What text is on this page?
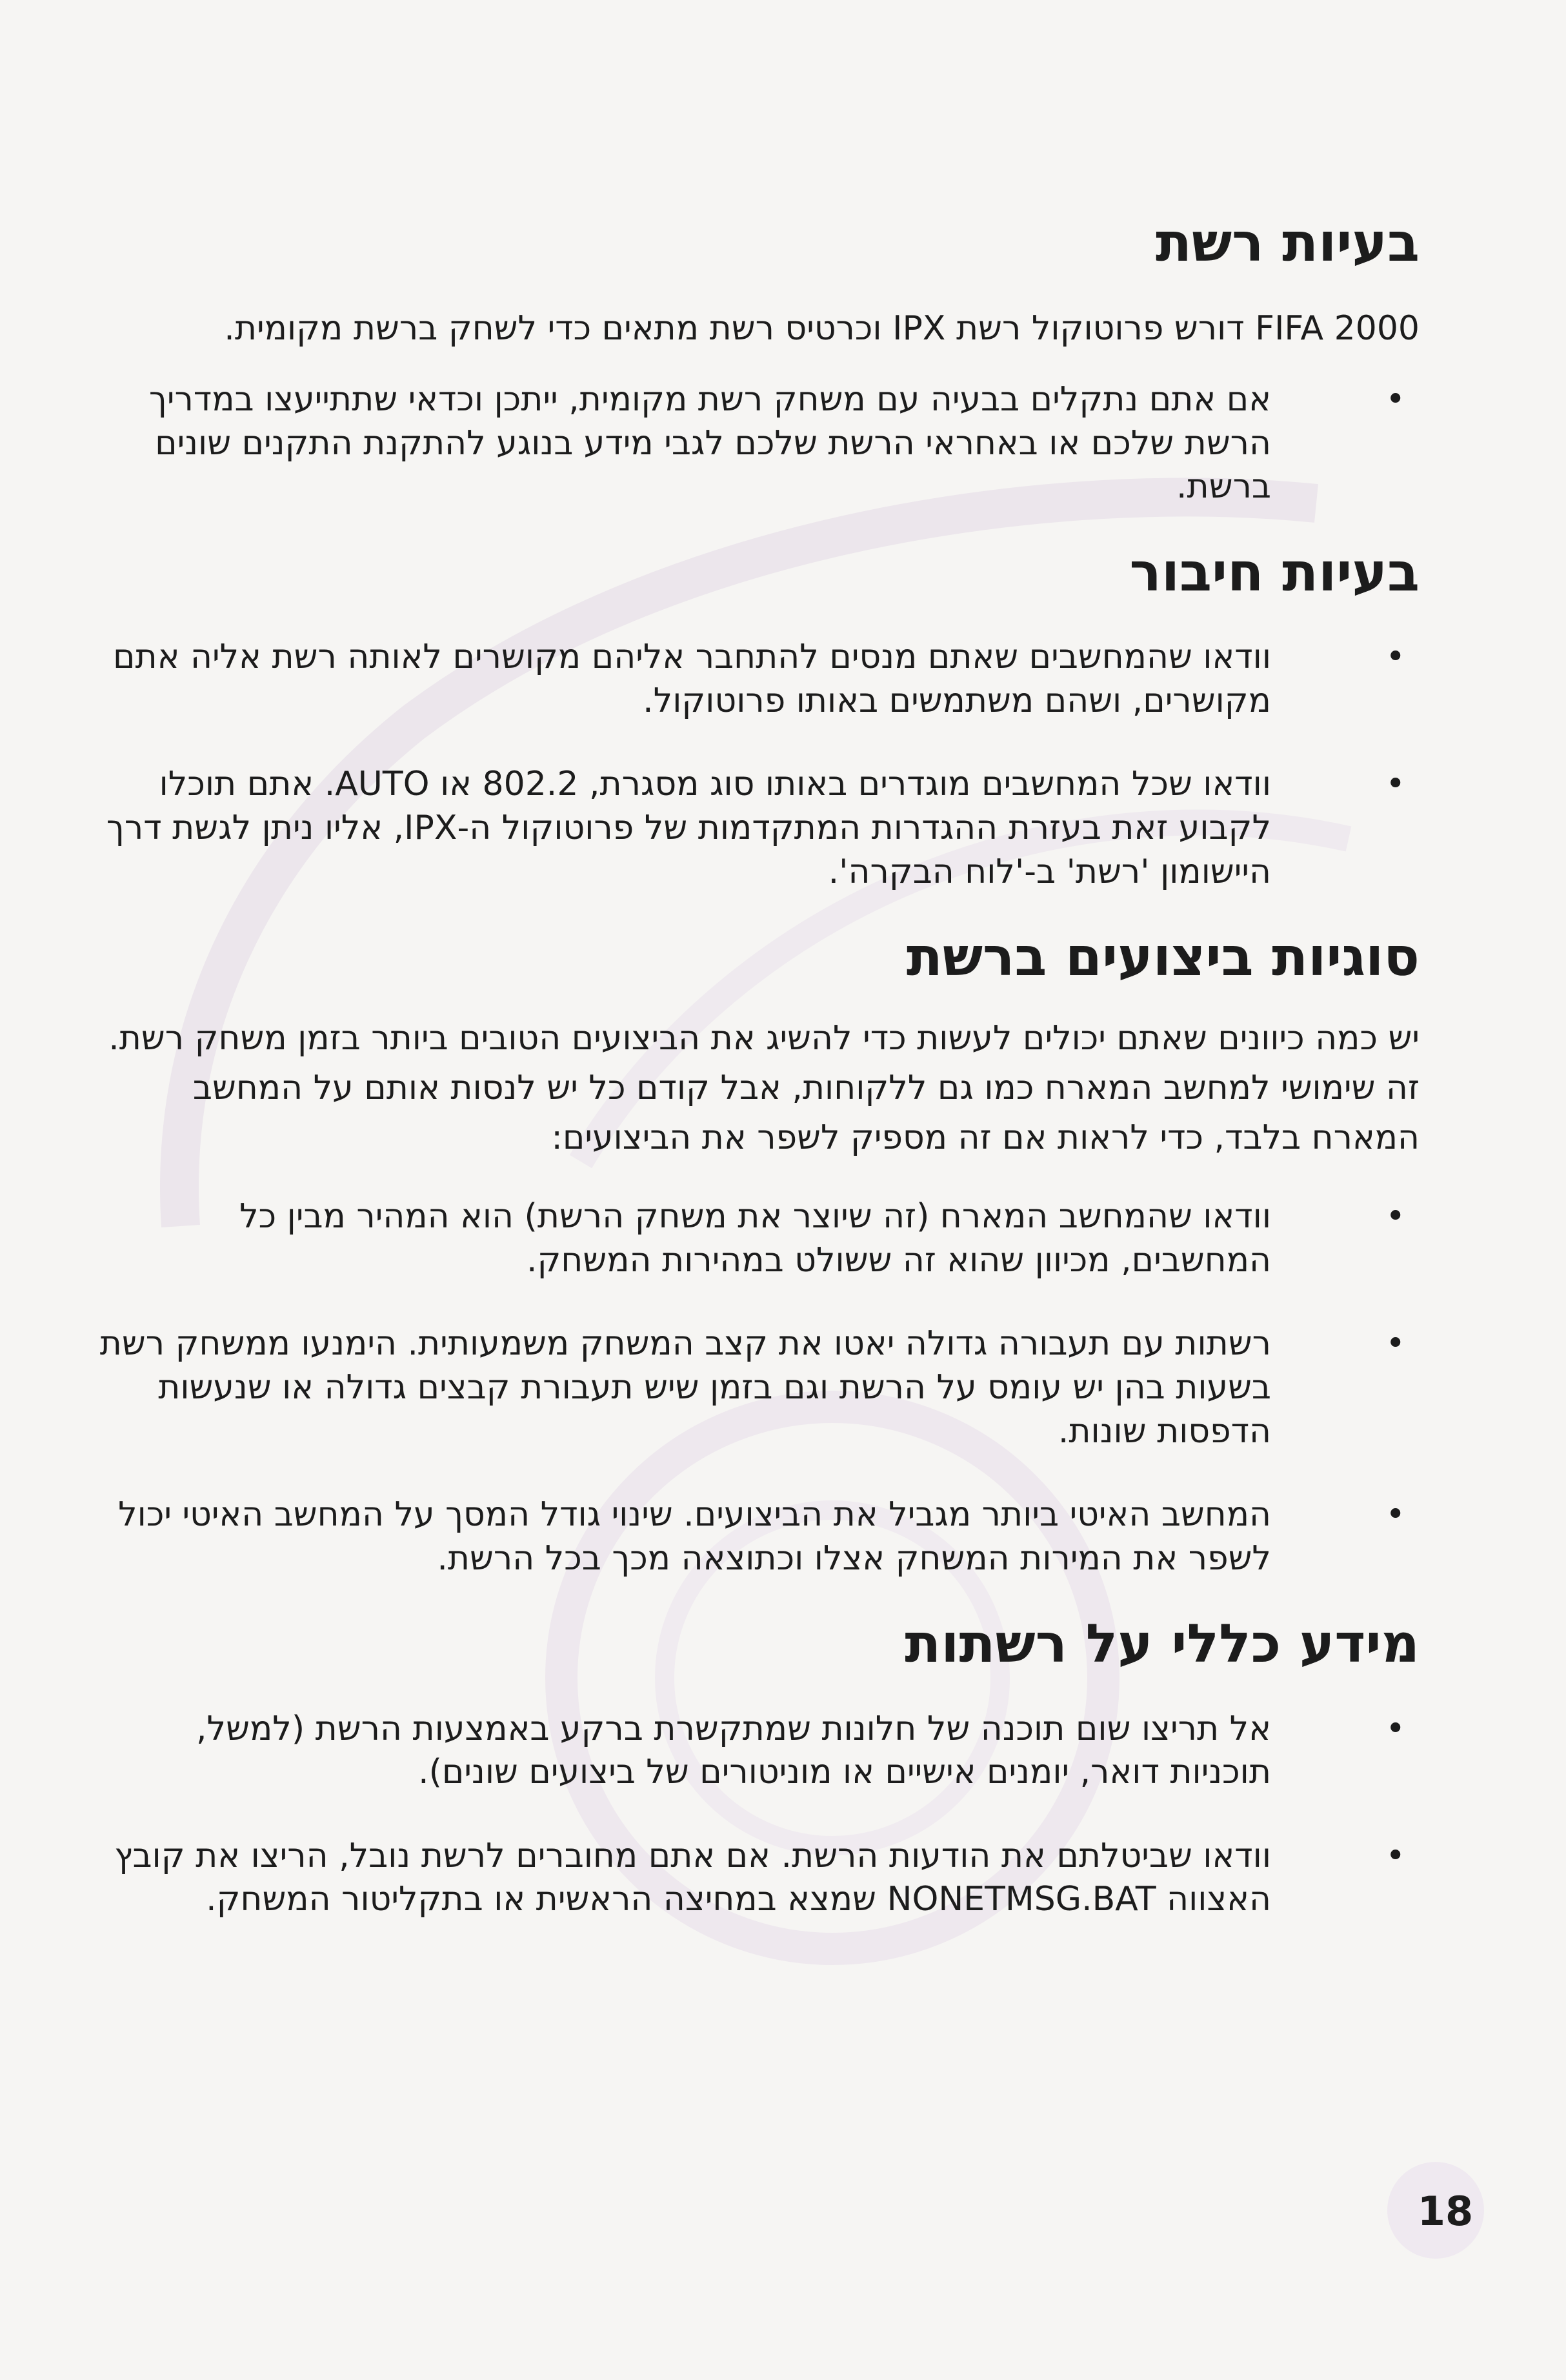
בעיות רשת

FIFA 2000 דורש פרוטוקול רשת IPX וכרטיס רשת מתאים כדי לשחק ברשת מקומית.

•
אם אתם נתקלים בבעיה עם משחק רשת מקומית, ייתכן וכדאי שתתייעצו במדריך הרשת שלכם או באחראי הרשת שלכם לגבי מידע בנוגע להתקנת התקנים שונים ברשת.
בעיות חיבור
•
וודאו שהמחשבים שאתם מנסים להתחבר אליהם מקושרים לאותה רשת אליה אתם מקושרים, ושהם משתמשים באותו פרוטוקול.
•
וודאו שכל המחשבים מוגדרים באותו סוג מסגרת, 802.2 או AUTO. אתם תוכלו לקבוע זאת בעזרת ההגדרות המתקדמות של פרוטוקול ה-IPX, אליו ניתן לגשת דרך היישומון 'רשת' ב-'לוח הבקרה'.
סוגיות ביצועים ברשת

יש כמה כיוונים שאתם יכולים לעשות כדי להשיג את הביצועים הטובים ביותר בזמן משחק רשת. זה שימושי למחשב המארח כמו גם ללקוחות, אבל קודם כל יש לנסות אותם על המחשב המארח בלבד, כדי לראות אם זה מספיק לשפר את הביצועים:

•
וודאו שהמחשב המארח (זה שיוצר את משחק הרשת) הוא המהיר מבין כל המחשבים, מכיוון שהוא זה ששולט במהירות המשחק.
•
רשתות עם תעבורה גדולה יאטו את קצב המשחק משמעותית. הימנעו ממשחק רשת בשעות בהן יש עומס על הרשת וגם בזמן שיש תעבורת קבצים גדולה או שנעשות הדפסות שונות.
•
המחשב האיטי ביותר מגביל את הביצועים. שינוי גודל המסך על המחשב האיטי יכול לשפר את המירות המשחק אצלו וכתוצאה מכך בכל הרשת.
מידע כללי על רשתות
•
אל תריצו שום תוכנה של חלונות שמתקשרת ברקע באמצעות הרשת (למשל, תוכניות דואר, יומנים אישיים או מוניטורים של ביצועים שונים).
•
וודאו שביטלתם את הודעות הרשת. אם אתם מחוברים לרשת נובל, הריצו את קובץ האצווה NONETMSG.BAT שמצא במחיצה הראשית או בתקליטור המשחק.
18
